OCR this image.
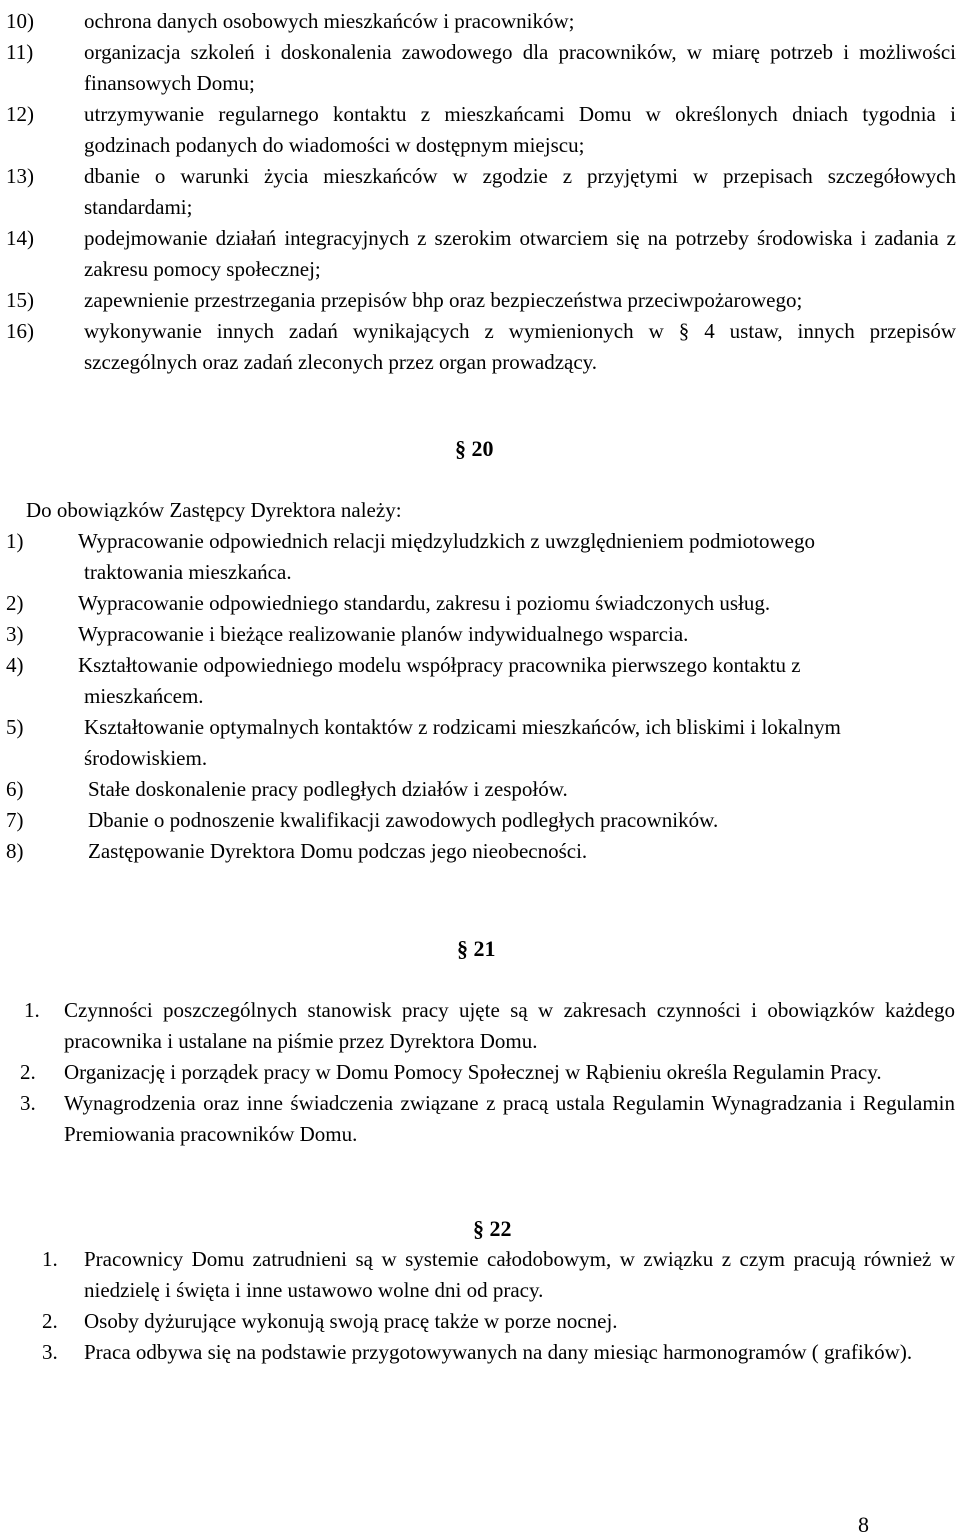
10) ochrona danych osobowych mieszkańców i pracowników;
11) organizacja szkoleń i doskonalenia zawodowego dla pracowników, w miarę potrzeb i możliwości finansowych Domu;
12) utrzymywanie regularnego kontaktu z mieszkańcami Domu w określonych dniach tygodnia i godzinach podanych do wiadomości w dostępnym miejscu;
13) dbanie o warunki życia mieszkańców w zgodzie z przyjętymi w przepisach szczegółowych standardami;
14) podejmowanie działań integracyjnych z szerokim otwarciem się na potrzeby środowiska i zadania z zakresu pomocy społecznej;
15) zapewnienie przestrzegania przepisów bhp oraz bezpieczeństwa przeciwpożarowego;
16) wykonywanie innych zadań wynikających z wymienionych w § 4 ustaw, innych przepisów szczególnych oraz zadań zleconych przez organ prowadzący.
§ 20
Do obowiązków Zastępcy Dyrektora należy:
1)	Wypracowanie odpowiednich relacji międzyludzkich z uwzględnieniem podmiotowego traktowania mieszkańca.
2)	Wypracowanie odpowiedniego standardu, zakresu i poziomu świadczonych usług.
3)	Wypracowanie i bieżące realizowanie planów indywidualnego wsparcia.
4)	Kształtowanie odpowiedniego modelu współpracy pracownika pierwszego kontaktu z mieszkańcem.
5)	Kształtowanie optymalnych kontaktów z rodzicami mieszkańców, ich bliskimi i lokalnym środowiskiem.
6)	Stałe doskonalenie pracy podległych działów i zespołów.
7)	Dbanie o podnoszenie kwalifikacji zawodowych podległych pracowników.
8)	Zastępowanie Dyrektora Domu podczas jego nieobecności.
§ 21
1. Czynności poszczególnych stanowisk pracy ujęte są w zakresach czynności i obowiązków każdego pracownika i ustalane na piśmie przez Dyrektora Domu.
2. Organizację i porządek pracy w Domu Pomocy Społecznej w Rąbieniu określa Regulamin Pracy.
3. Wynagrodzenia oraz inne świadczenia związane z pracą ustala Regulamin Wynagradzania i Regulamin Premiowania pracowników Domu.
§ 22
1. Pracownicy Domu zatrudnieni są w systemie całodobowym, w związku z czym pracują również w niedzielę i święta i inne ustawowo wolne dni od pracy.
2. Osoby dyżurujące wykonują swoją pracę także w porze nocnej.
3. Praca odbywa się na podstawie przygotowywanych na dany miesiąc harmonogramów ( grafików).
8
